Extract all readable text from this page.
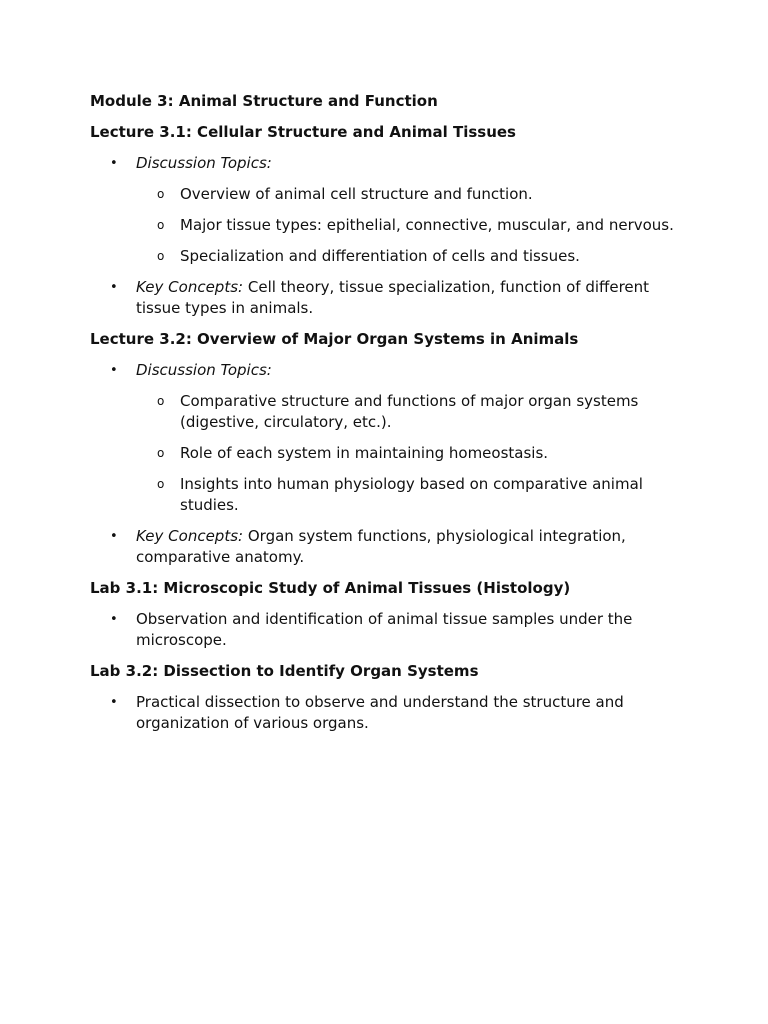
Module 3: Animal Structure and Function
Lecture 3.1: Cellular Structure and Animal Tissues
• Discussion Topics:
o Overview of animal cell structure and function.
o Major tissue types: epithelial, connective, muscular, and nervous.
o Specialization and differentiation of cells and tissues.
• Key Concepts: Cell theory, tissue specialization, function of different tissue types in animals.
Lecture 3.2: Overview of Major Organ Systems in Animals
• Discussion Topics:
o Comparative structure and functions of major organ systems (digestive, circulatory, etc.).
o Role of each system in maintaining homeostasis.
o Insights into human physiology based on comparative animal studies.
• Key Concepts: Organ system functions, physiological integration, comparative anatomy.
Lab 3.1: Microscopic Study of Animal Tissues (Histology)
• Observation and identification of animal tissue samples under the microscope.
Lab 3.2: Dissection to Identify Organ Systems
• Practical dissection to observe and understand the structure and organization of various organs.
